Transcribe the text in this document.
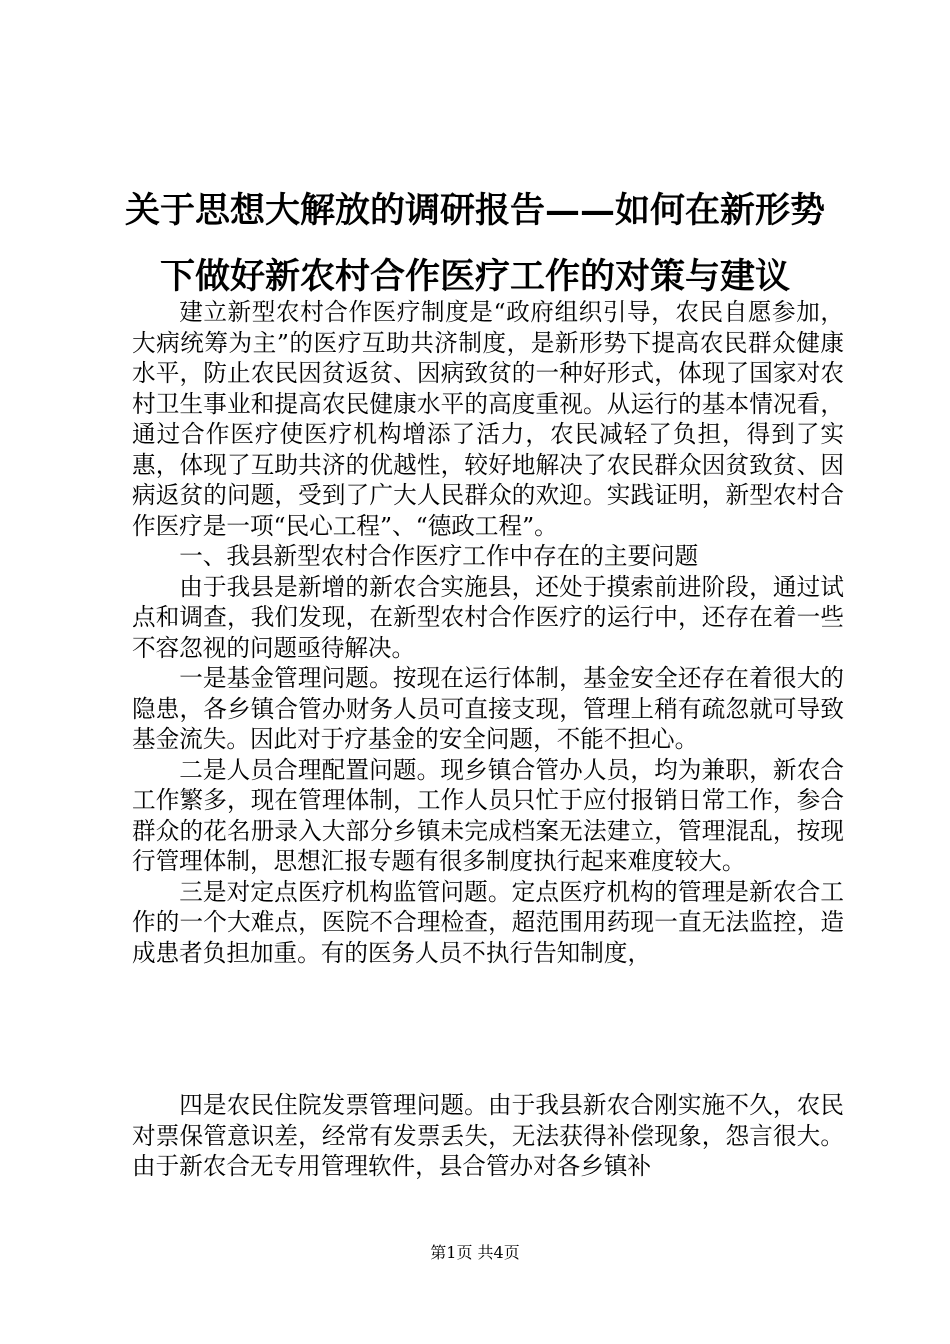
关于思想大解放的调研报告——如何在新形势
下做好新农村合作医疗工作的对策与建议

建立新型农村合作医疗制度是“政府组织引导，农民自愿参加，大病统筹为主”的医疗互助共济制度，是新形势下提高农民群众健康水平，防止农民因贫返贫、因病致贫的一种好形式，体现了国家对农村卫生事业和提高农民健康水平的高度重视。从运行的基本情况看，通过合作医疗使医疗机构增添了活力，农民减轻了负担，得到了实惠，体现了互助共济的优越性，较好地解决了农民群众因贫致贫、因病返贫的问题，受到了广大人民群众的欢迎。实践证明，新型农村合作医疗是一项“民心工程”、“德政工程”。

一、我县新型农村合作医疗工作中存在的主要问题

由于我县是新增的新农合实施县，还处于摸索前进阶段，通过试点和调查，我们发现，在新型农村合作医疗的运行中，还存在着一些不容忽视的问题亟待解决。

一是基金管理问题。按现在运行体制，基金安全还存在着很大的隐患，各乡镇合管办财务人员可直接支现，管理上稍有疏忽就可导致基金流失。因此对于疗基金的安全问题，不能不担心。

二是人员合理配置问题。现乡镇合管办人员，均为兼职，新农合工作繁多，现在管理体制，工作人员只忙于应付报销日常工作，参合群众的花名册录入大部分乡镇未完成档案无法建立，管理混乱，按现行管理体制，思想汇报专题有很多制度执行起来难度较大。

三是对定点医疗机构监管问题。定点医疗机构的管理是新农合工作的一个大难点，医院不合理检查，超范围用药现一直无法监控，造成患者负担加重。有的医务人员不执行告知制度，

四是农民住院发票管理问题。由于我县新农合刚实施不久，农民对票保管意识差，经常有发票丢失，无法获得补偿现象，怨言很大。由于新农合无专用管理软件，县合管办对各乡镇补

第1页 共4页
